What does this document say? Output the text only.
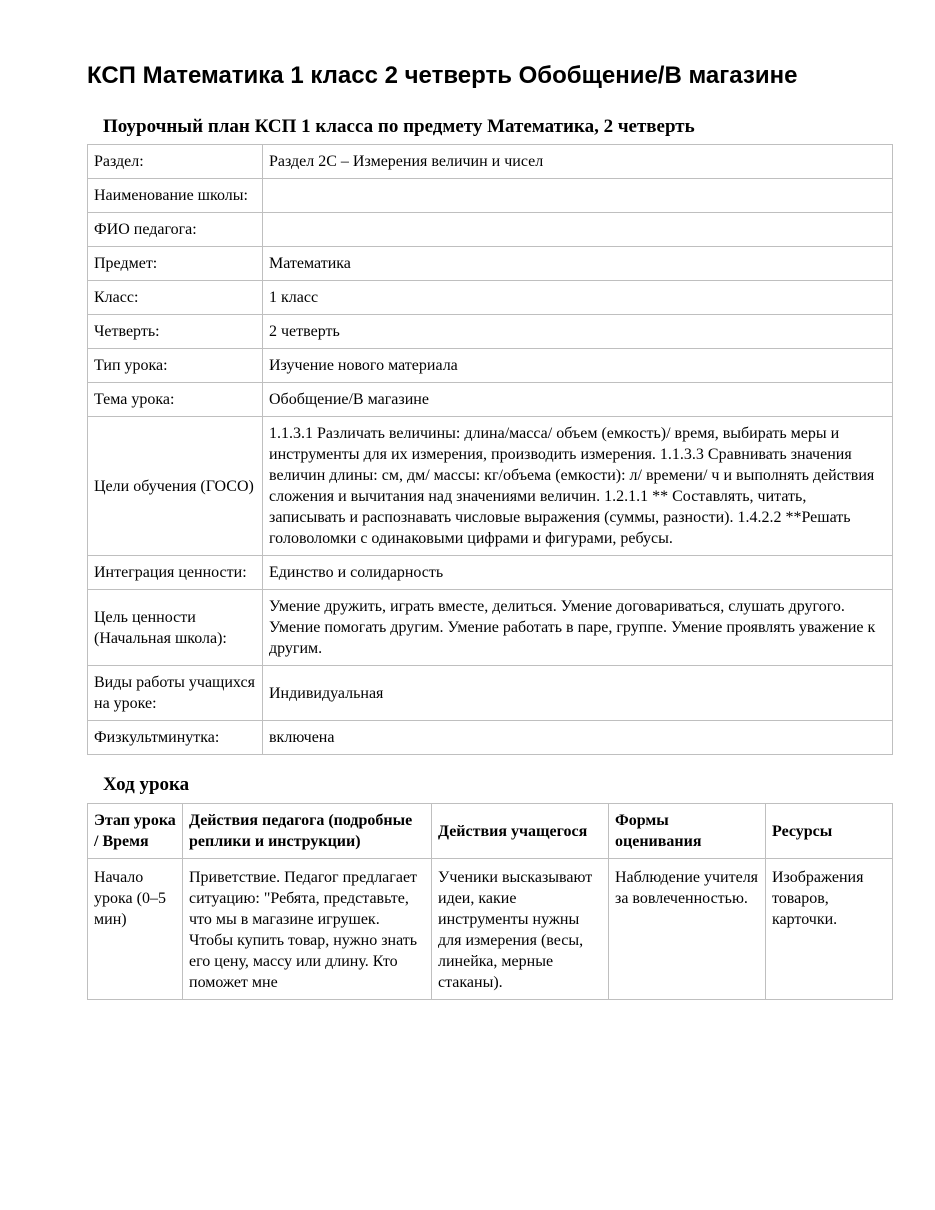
КСП Математика 1 класс 2 четверть Обобщение/В магазине
Поурочный план КСП 1 класса по предмету Математика, 2 четверть
Раздел:	Раздел 2С – Измерения величин и чисел
Наименование школы:	
ФИО педагога:	
Предмет:	Математика
Класс:	1 класс
Четверть:	2 четверть
Тип урока:	Изучение нового материала
Тема урока:	Обобщение/В магазине
Цели обучения (ГОСО)	1.1.3.1 Различать величины: длина/масса/ объем (емкость)/ время, выбирать меры и инструменты для их измерения, производить измерения. 1.1.3.3 Сравнивать значения величин длины: см, дм/ массы: кг/объема (емкости): л/ времени/ ч и выполнять действия сложения и вычитания над значениями величин. 1.2.1.1 ** Составлять, читать, записывать и распознавать числовые выражения (суммы, разности). 1.4.2.2 **Решать головоломки с одинаковыми цифрами и фигурами, ребусы.
Интеграция ценности:	Единство и солидарность
Цель ценности (Начальная школа):	Умение дружить, играть вместе, делиться. Умение договариваться, слушать другого. Умение помогать другим. Умение работать в паре, группе. Умение проявлять уважение к другим.
Виды работы учащихся на уроке:	Индивидуальная
Физкультминутка:	включена
Ход урока
Этап урока / Время	Действия педагога (подробные реплики и инструкции)	Действия учащегося	Формы оценивания	Ресурсы
Начало урока (0–5 мин)	Приветствие. Педагог предлагает ситуацию: "Ребята, представьте, что мы в магазине игрушек. Чтобы купить товар, нужно знать его цену, массу или длину. Кто поможет мне	Ученики высказывают идеи, какие инструменты нужны для измерения (весы, линейка, мерные стаканы).	Наблюдение учителя за вовлеченностью.	Изображения товаров, карточки.
